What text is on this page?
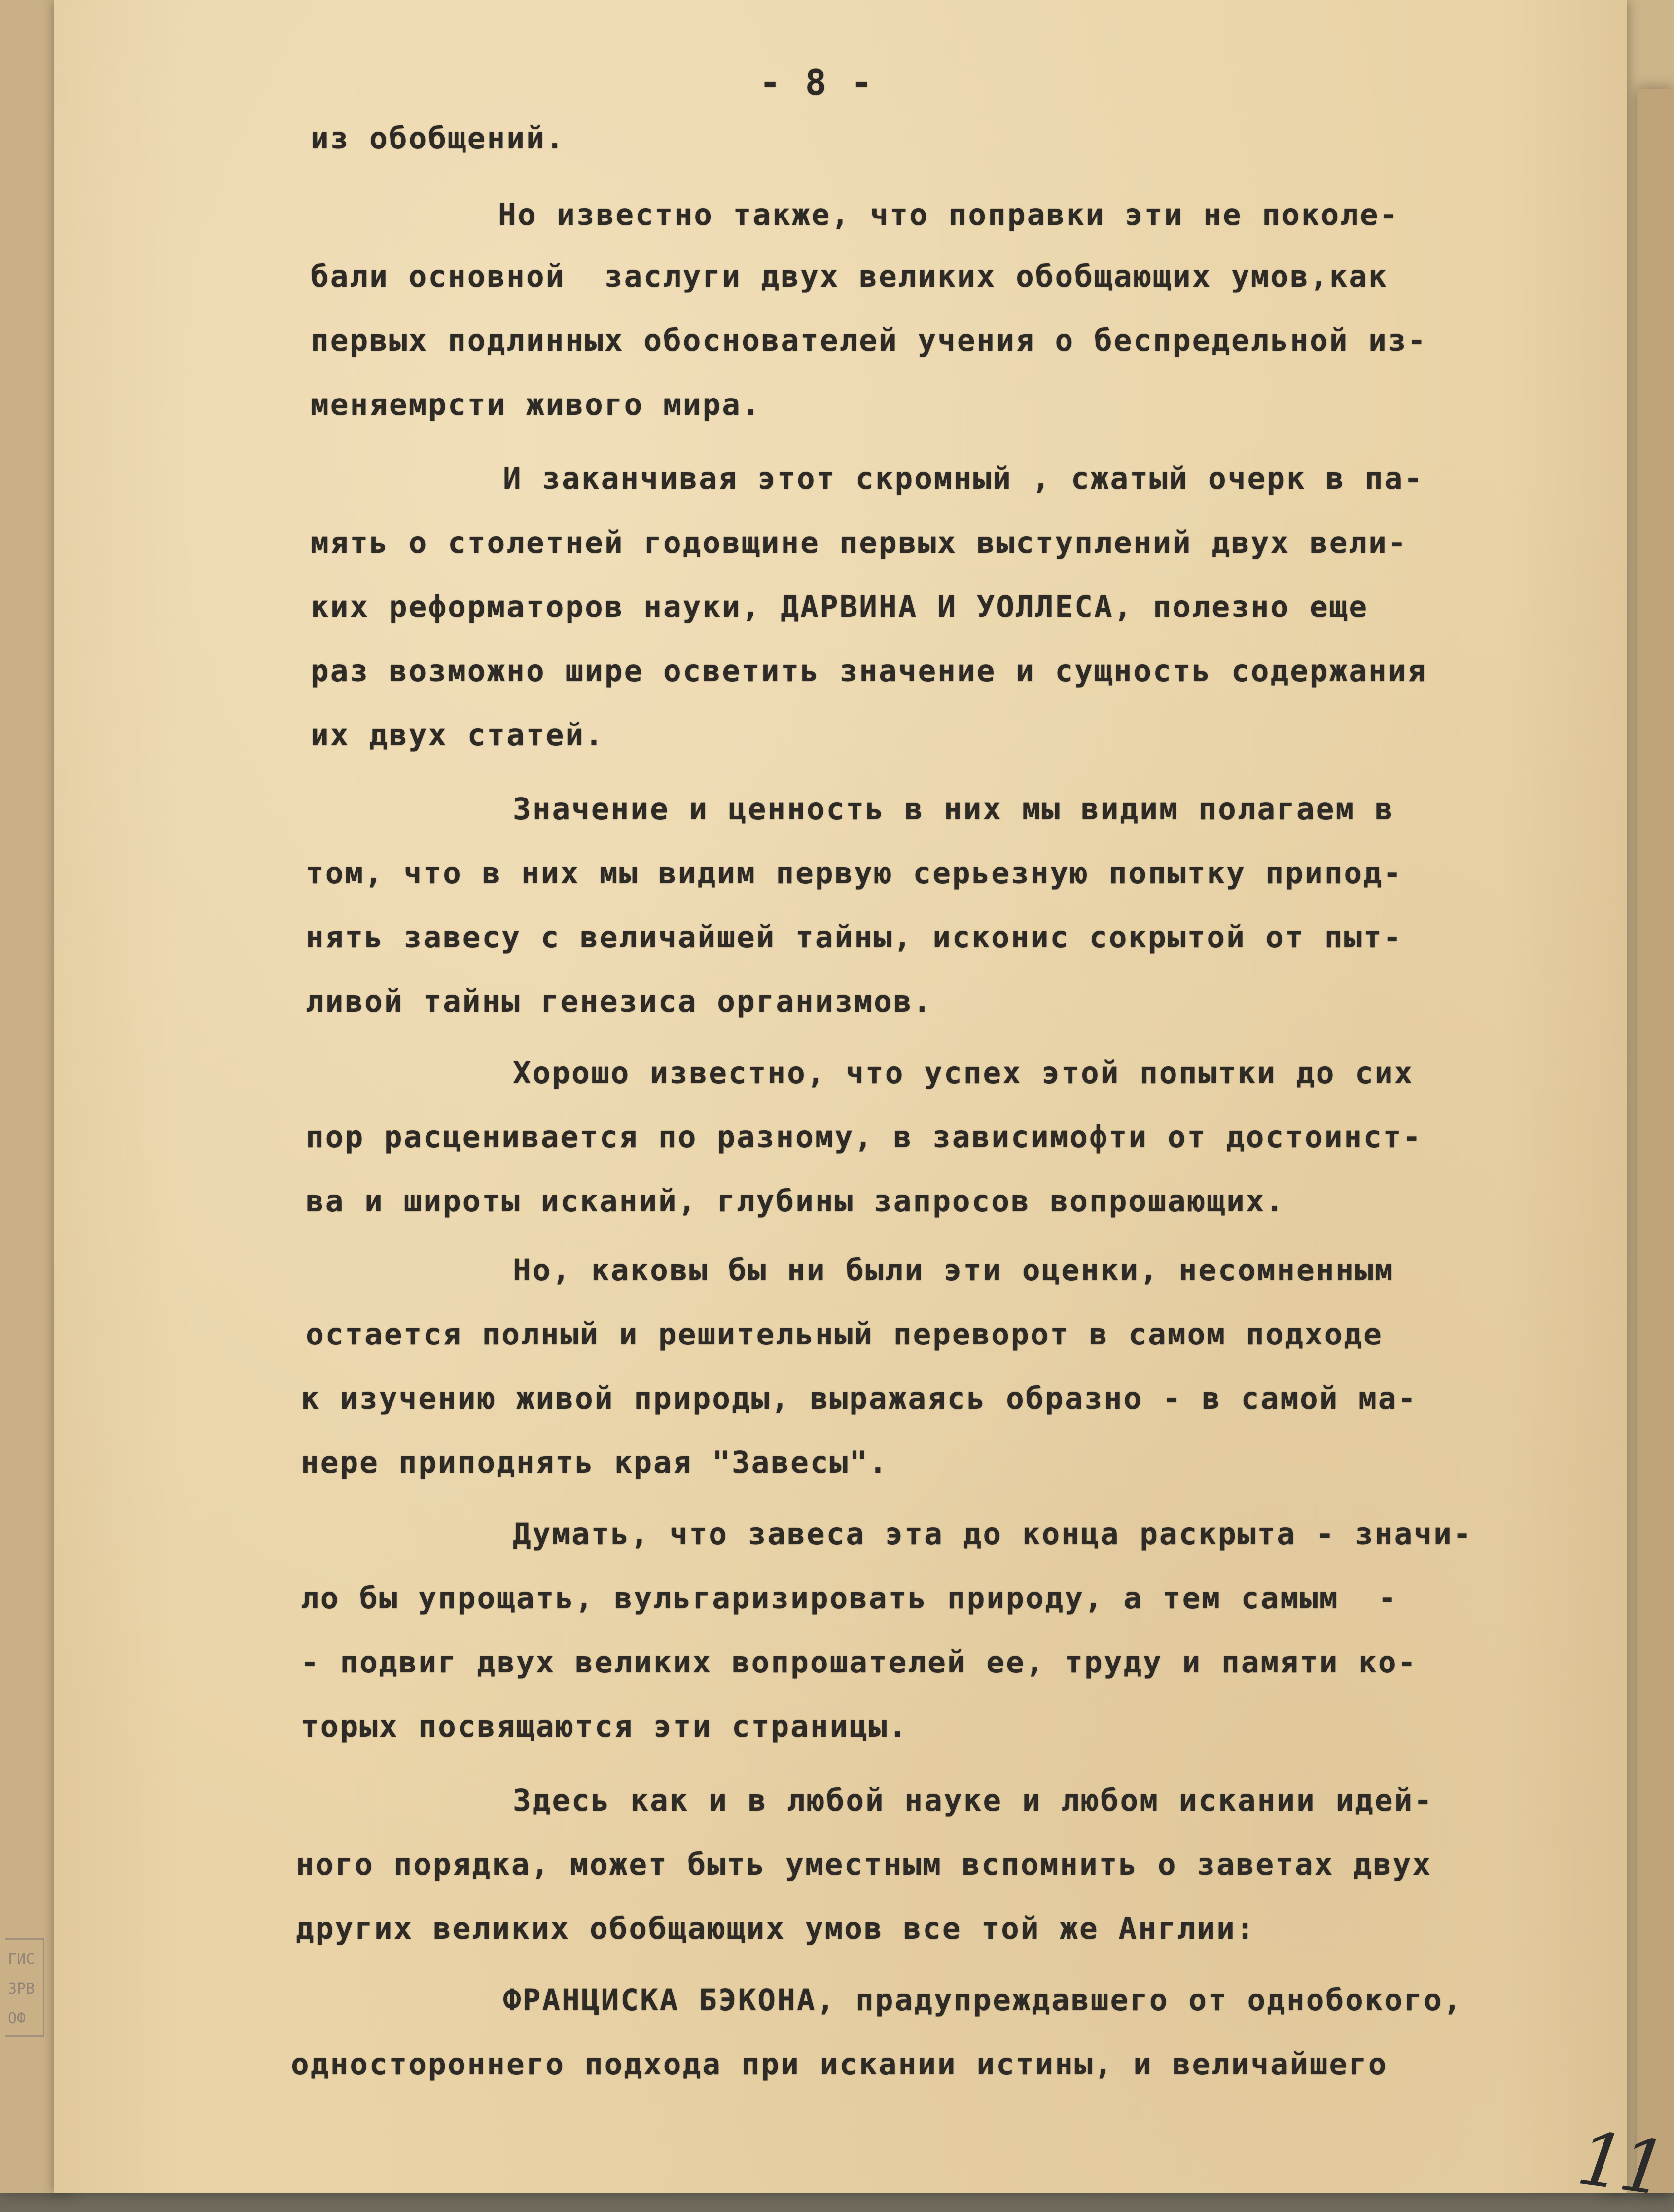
ГИС
ЗРВ
ОФ
- 8 -
из обобщений.
Но известно также, что поправки эти не поколе-
бали основной  заслуги двух великих обобщающих умов,как
первых подлинных обоснователей учения о беспредельной из-
меняемрсти живого мира.
И заканчивая этот скромный , сжатый очерк в па-
мять о столетней годовщине первых выступлений двух вели-
ких реформаторов науки, ДАРВИНА И УОЛЛЕСА, полезно еще
раз возможно шире осветить значение и сущность содержания
их двух статей.
Значение и ценность в них мы видим полагаем в
том, что в них мы видим первую серьезную попытку припод-
нять завесу с величайшей тайны, исконис сокрытой от пыт-
ливой тайны генезиса организмов.
Хорошо известно, что успех этой попытки до сих
пор расценивается по разному, в зависимофти от достоинст-
ва и широты исканий, глубины запросов вопрошающих.
Но, каковы бы ни были эти оценки, несомненным
остается полный и решительный переворот в самом подходе
к изучению живой природы, выражаясь образно - в самой ма-
нере приподнять края "Завесы".
Думать, что завеса эта до конца раскрыта - значи-
ло бы упрощать, вульгаризировать природу, а тем самым  -
- подвиг двух великих вопрошателей ее, труду и памяти ко-
торых посвящаются эти страницы.
Здесь как и в любой науке и любом искании идей-
ного порядка, может быть уместным вспомнить о заветах двух
других великих обобщающих умов все той же Англии:
ФРАНЦИСКА БЭКОНА, прадупреждавшего от однобокого,
одностороннего подхода при искании истины, и величайшего
11
